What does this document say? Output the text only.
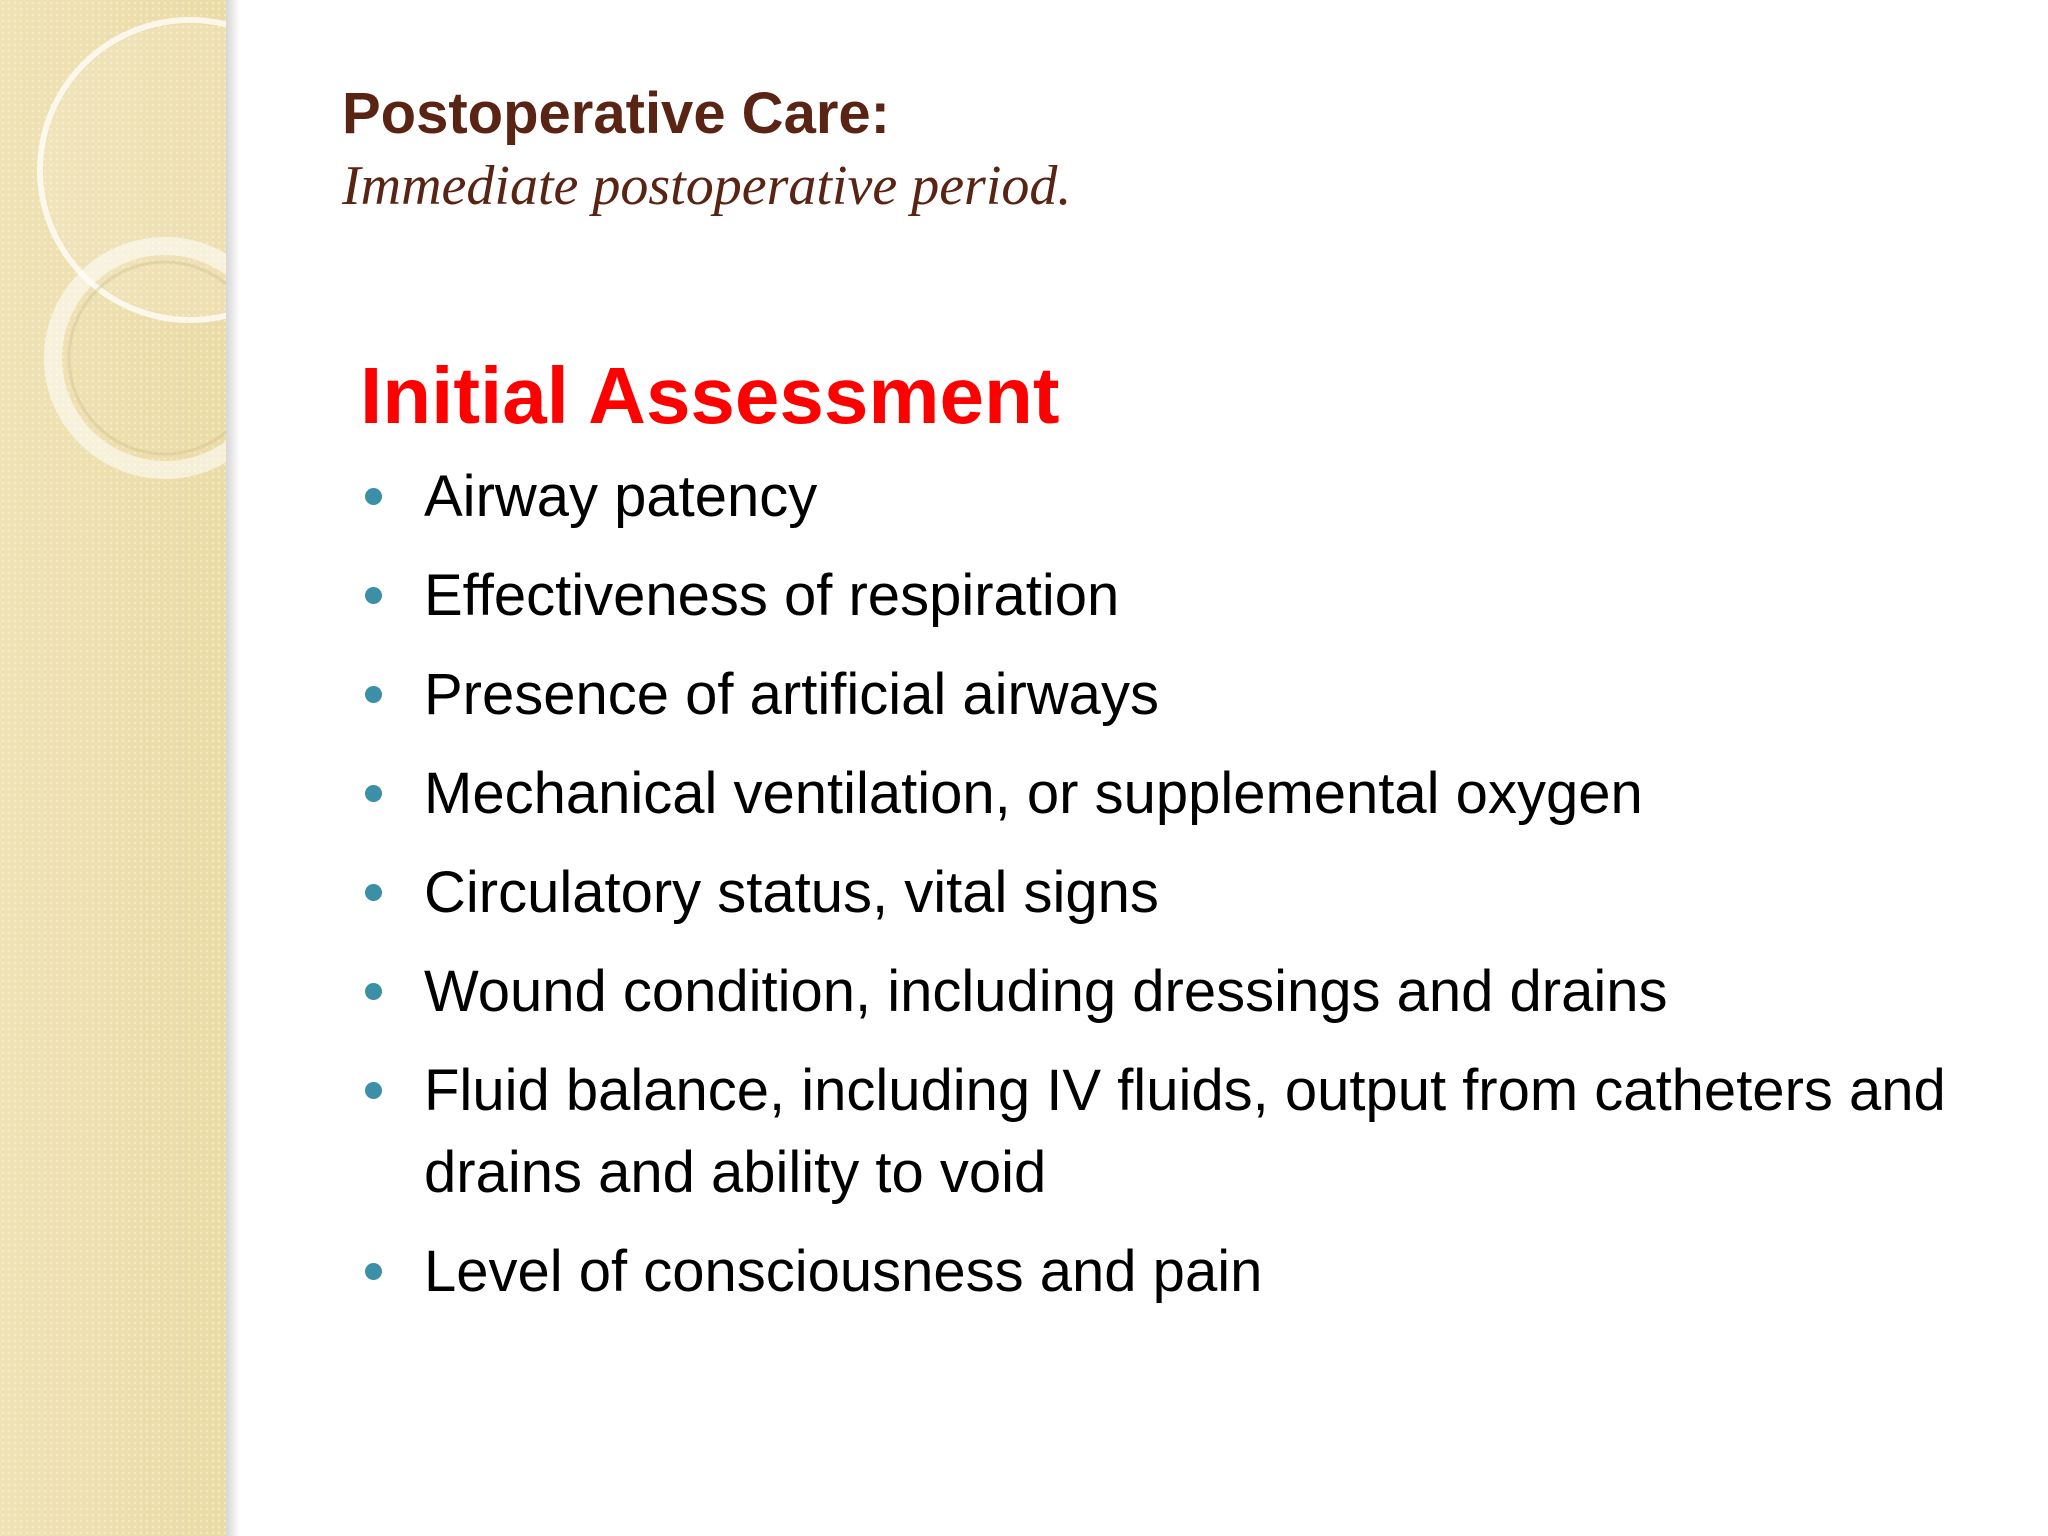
Postoperative Care:
Immediate postoperative period.
Initial Assessment
Airway patency
Effectiveness of respiration
Presence of artificial airways
Mechanical ventilation, or supplemental oxygen
Circulatory status, vital signs
Wound condition, including dressings and drains
Fluid balance, including IV fluids, output from catheters and drains and ability to void
Level of consciousness and pain
